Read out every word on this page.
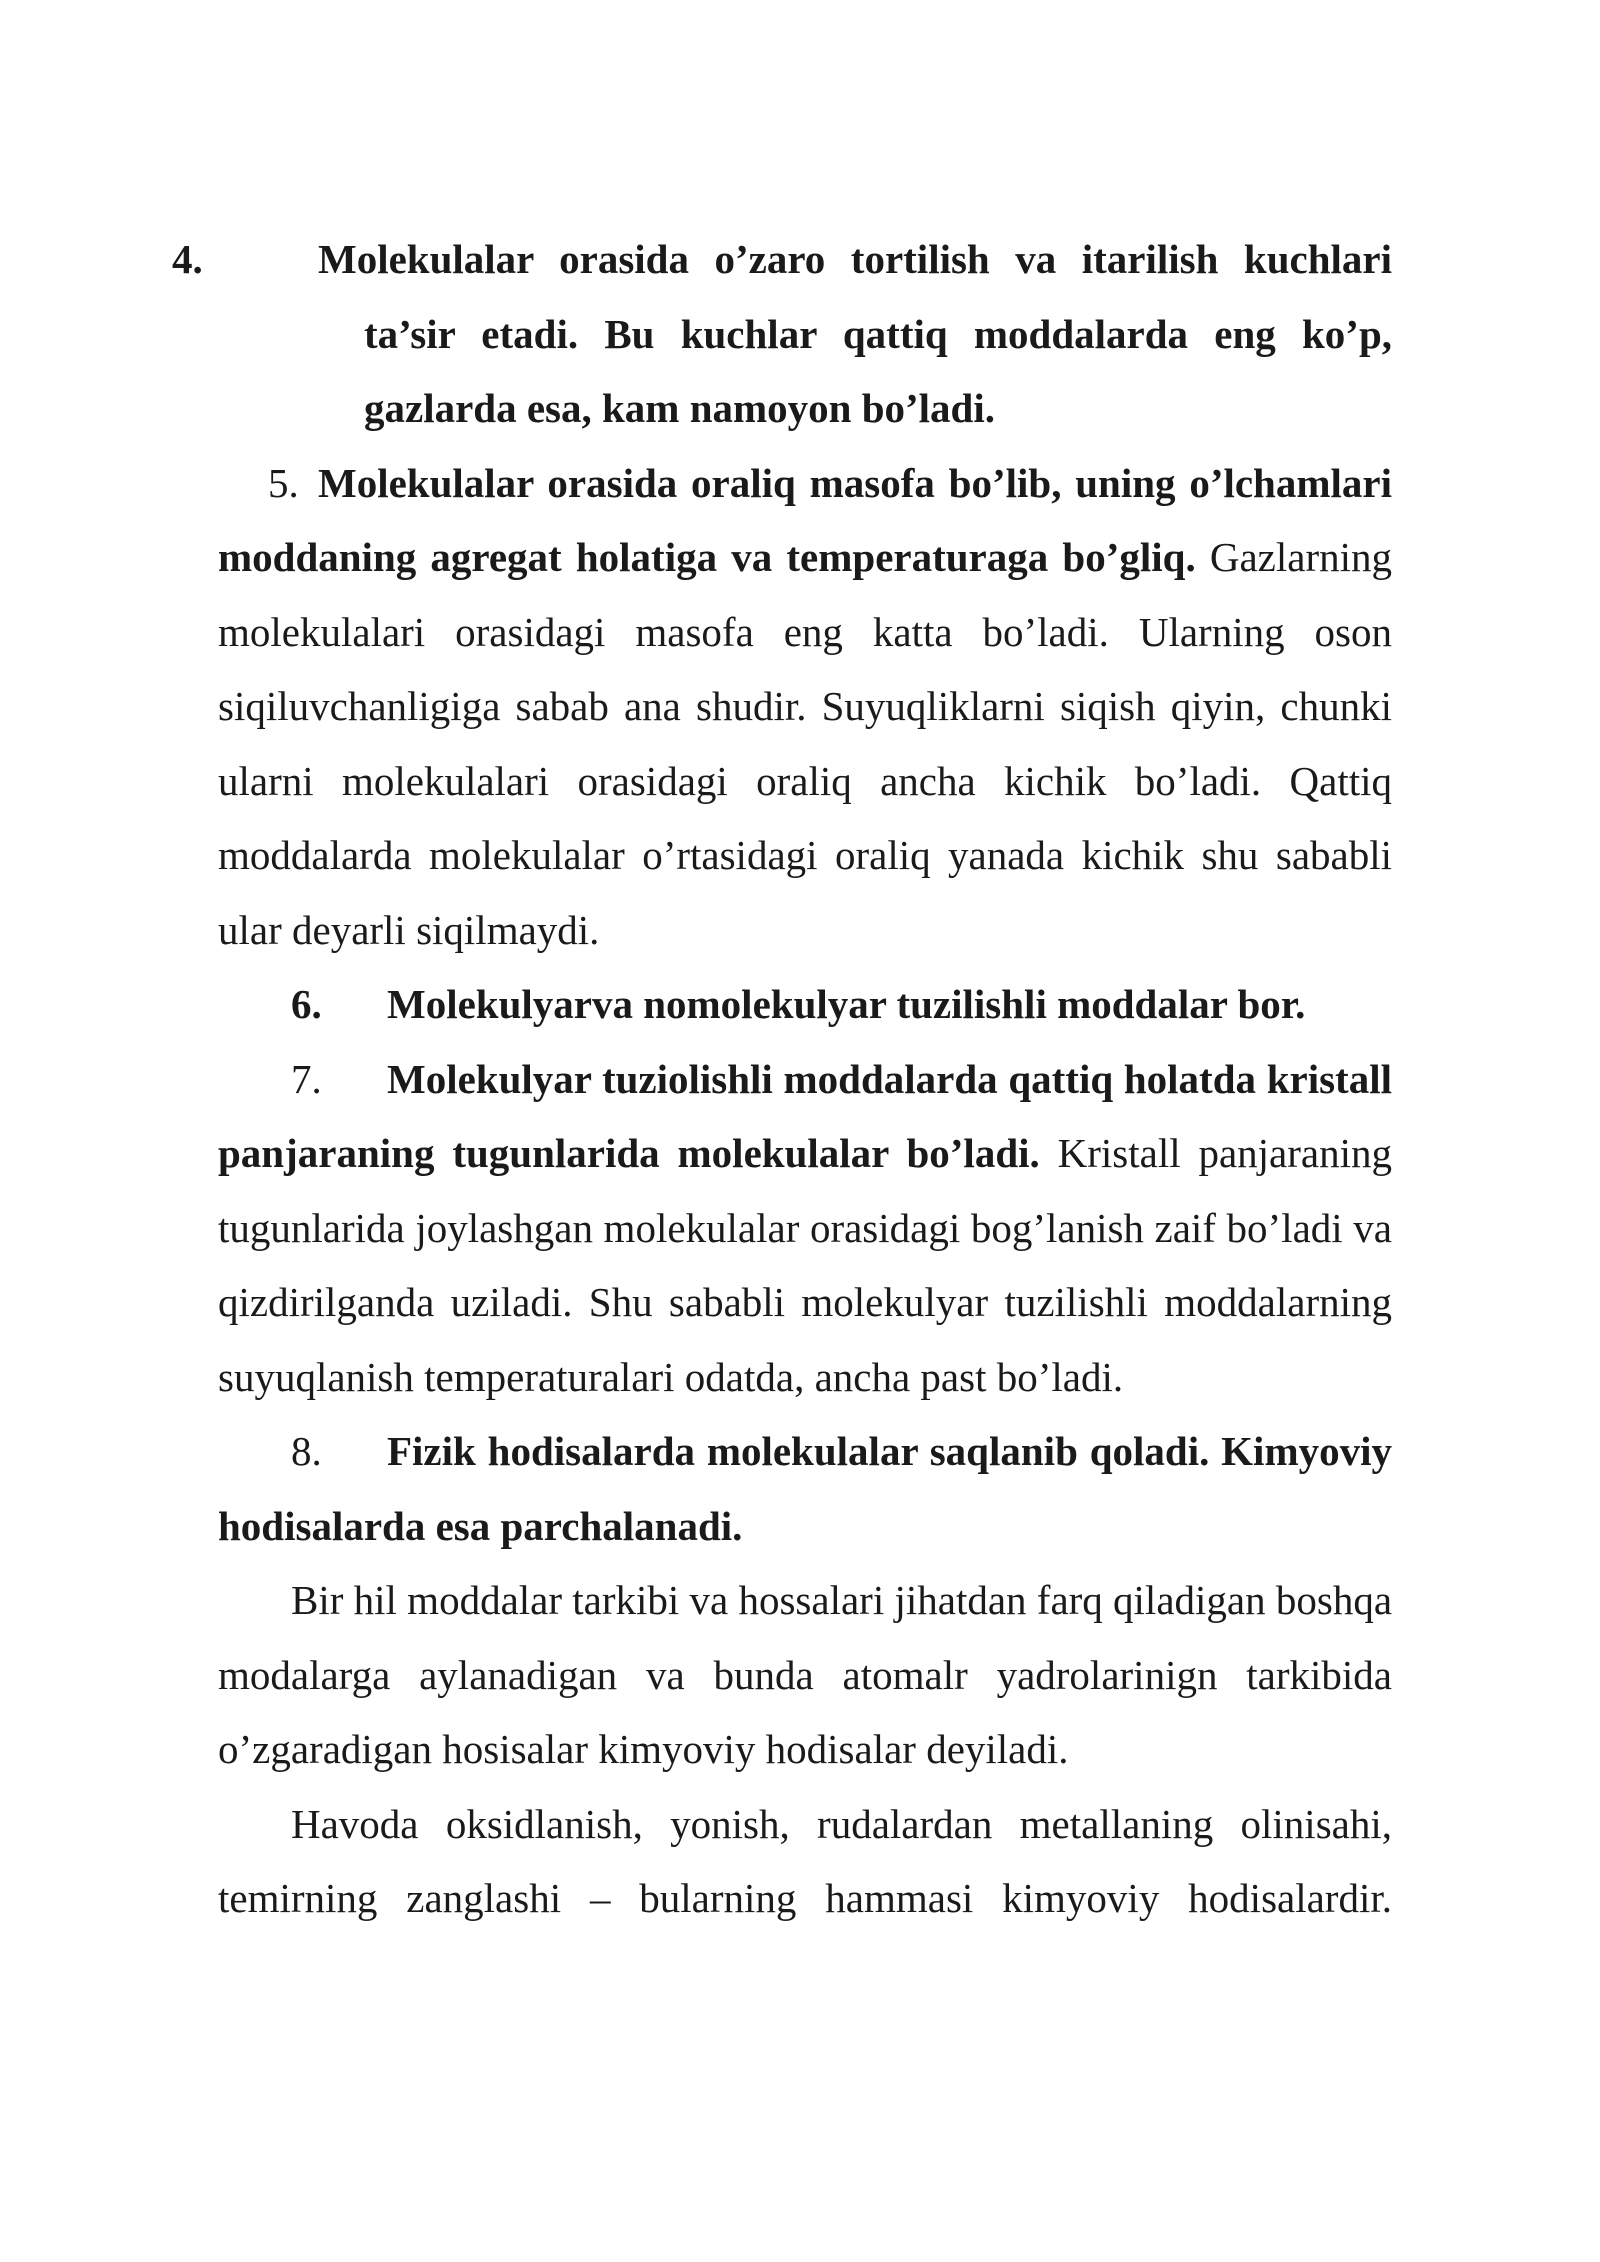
4.	Molekulalar orasida o’zaro tortilish va itarilish kuchlari ta’sir etadi. Bu kuchlar qattiq moddalarda eng ko’p, gazlarda esa, kam namoyon bo’ladi.

5. Molekulalar orasida oraliq masofa bo’lib, uning o’lchamlari moddaning agregat holatiga va temperaturaga bo’gliq. Gazlarning molekulalari orasidagi masofa eng katta bo’ladi. Ularning oson siqiluvchanligiga sabab ana shudir. Suyuqliklarni siqish qiyin, chunki ularni molekulalari orasidagi oraliq ancha kichik bo’ladi. Qattiq moddalarda molekulalar o’rtasidagi oraliq yanada kichik shu sababli ular deyarli siqilmaydi.

6. Molekulyarva nomolekulyar tuzilishli moddalar bor.

7. Molekulyar tuziolishli moddalarda qattiq holatda kristall panjaraning tugunlarida molekulalar bo’ladi. Kristall panjaraning tugunlarida joylashgan molekulalar orasidagi bog’lanish zaif bo’ladi va qizdirilganda uziladi. Shu sababli molekulyar tuzilishli moddalarning suyuqlanish temperaturalari odatda, ancha past bo’ladi.

8. Fizik hodisalarda molekulalar saqlanib qoladi. Kimyoviy hodisalarda esa parchalanadi.

Bir hil moddalar tarkibi va hossalari jihatdan farq qiladigan boshqa modalarga aylanadigan va bunda atomalr yadrolarinign tarkibida o’zgaradigan hosisalar kimyoviy hodisalar deyiladi.

Havoda oksidlanish, yonish, rudalardan metallaning olinisahi, temirning zanglashi – bularning hammasi kimyoviy hodisalardir.
